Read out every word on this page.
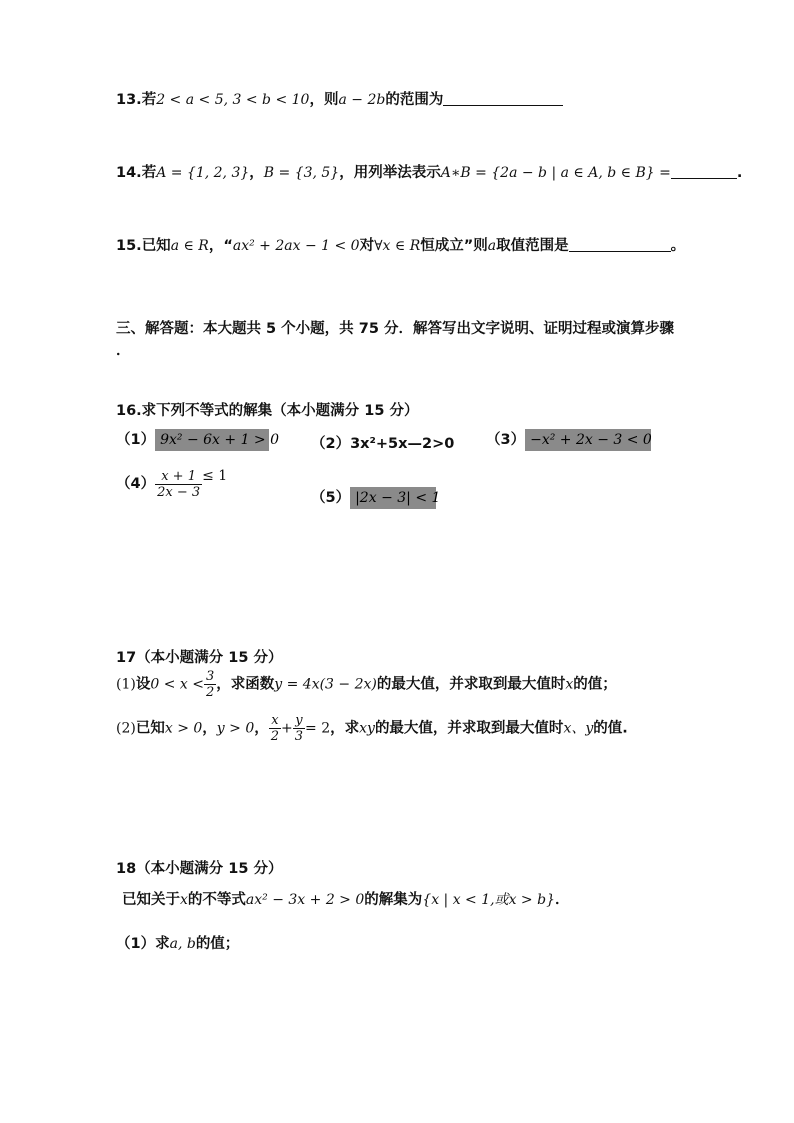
13.若2 < a < 5, 3 < b < 10，则a − 2b的范围为
14.若A = {1, 2, 3}，B = {3, 5}，用列举法表示A∗B = {2a − b | a ∈ A, b ∈ B} =	.
15.已知a ∈ R，“ax² + 2ax − 1 < 0对∀x ∈ R恒成立”则a取值范围是	。
三、解答题：本大题共 5 个小题，共 75 分．解答写出文字说明、证明过程或演算步骤
．
16.求下列不等式的解集（本小题满分 15 分）
（1） 9x² − 6x + 1 > 0 （2）3x²+5x—2>0 （3） −x² + 2x − 3 < 0
$(4) \frac{x + 1}{2x - 3} \le 1$
（5） |2x − 3| < 1
17（本小题满分 15 分）
(1)设$0 < x < \frac{3}{2}$ ，求函数y = 4x(3 − 2x)的最大值，并求取到最大值时x的值；
(2)已知x > 0，y > 0， $\frac{x}{2} + \frac{y}{3} = 2$，求xy的最大值，并求取到最大值时x、y的值.
18（本小题满分 15 分）
已知关于x的不等式ax² − 3x + 2 > 0的解集为{x | x < 1,或x > b}．
（1）求a, b的值；
